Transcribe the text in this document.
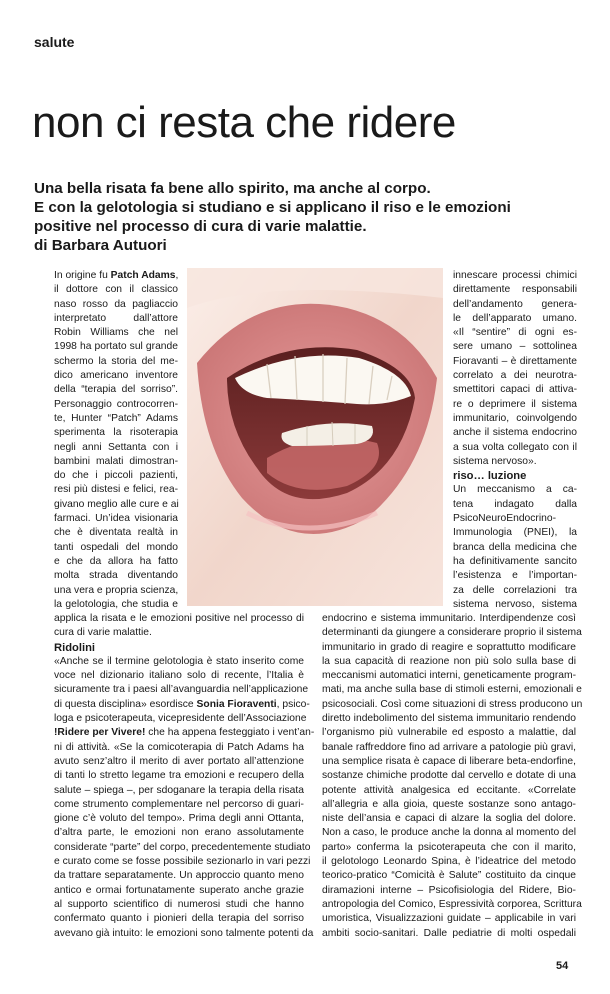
salute
non ci resta che ridere
Una bella risata fa bene allo spirito, ma anche al corpo.
E con la gelotologia si studiano e si applicano il riso e le emozioni
positive nel processo di cura di varie malattie.
di Barbara Autuori
In origine fu Patch Adams,
il dottore con il classico
naso rosso da pagliaccio
interpretato dall’attore
Robin Williams che nel
1998 ha portato sul grande
schermo la storia del me-
dico americano inventore
della “terapia del sorriso”.
Personaggio controcorren-
te, Hunter “Patch” Adams
sperimenta la risoterapia
negli anni Settanta con i
bambini malati dimostran-
do che i piccoli pazienti,
resi più distesi e felici, rea-
givano meglio alle cure e ai
farmaci. Un’idea visionaria
che è diventata realtà in
tanti ospedali del mondo
e che da allora ha fatto
molta strada diventando
una vera e propria scienza,
la gelotologia, che studia e
applica la risata e le emozioni positive nel processo di
cura di varie malattie.
Ridolini
«Anche se il termine gelotologia è stato inserito come
voce nel dizionario italiano solo di recente, l’Italia è
sicuramente tra i paesi all’avanguardia nell’applicazione
di questa disciplina» esordisce Sonia Fioraventi, psico-
loga e psicoterapeuta, vicepresidente dell’Associazione
!Ridere per Vivere! che ha appena festeggiato i vent’an-
ni di attività. «Se la comicoterapia di Patch Adams ha
avuto senz’altro il merito di aver portato all’attenzione
di tanti lo stretto legame tra emozioni e recupero della
salute – spiega –, per sdoganare la terapia della risata
come strumento complementare nel percorso di guari-
gione c’è voluto del tempo». Prima degli anni Ottanta,
d’altra parte, le emozioni non erano assolutamente
considerate “parte” del corpo, precedentemente studiato
e curato come se fosse possibile sezionarlo in vari pezzi
da trattare separatamente. Un approccio quanto meno
antico e ormai fortunatamente superato anche grazie
al supporto scientifico di numerosi studi che hanno
confermato quanto i pionieri della terapia del sorriso
avevano già intuito: le emozioni sono talmente potenti da
innescare processi chimici
direttamente responsabili
dell’andamento genera-
le dell’apparato umano.
«Il “sentire” di ogni es-
sere umano – sottolinea
Fioravanti – è direttamente
correlato a dei neurotra-
smettitori capaci di attiva-
re o deprimere il sistema
immunitario, coinvolgendo
anche il sistema endocrino
a sua volta collegato con il
sistema nervoso».
riso… luzione
Un meccanismo a ca-
tena indagato dalla
PsicoNeuroEndocrino-
Immunologia (PNEI), la
branca della medicina che
ha definitivamente sancito
l’esistenza e l’importan-
za delle correlazioni tra
sistema nervoso, sistema
endocrino e sistema immunitario. Interdipendenze così
determinanti da giungere a considerare proprio il sistema
immunitario in grado di reagire e soprattutto modificare
la sua capacità di reazione non più solo sulla base di
meccanismi automatici interni, geneticamente program-
mati, ma anche sulla base di stimoli esterni, emozionali e
psicosociali. Così come situazioni di stress producono un
diretto indebolimento del sistema immunitario rendendo
l’organismo più vulnerabile ed esposto a malattie, dal
banale raffreddore fino ad arrivare a patologie più gravi,
una semplice risata è capace di liberare beta-endorfine,
sostanze chimiche prodotte dal cervello e dotate di una
potente attività analgesica ed eccitante. «Correlate
all’allegria e alla gioia, queste sostanze sono antago-
niste dell’ansia e capaci di alzare la soglia del dolore.
Non a caso, le produce anche la donna al momento del
parto» conferma la psicoterapeuta che con il marito,
il gelotologo Leonardo Spina, è l’ideatrice del metodo
teorico-pratico “Comicità è Salute” costituito da cinque
diramazioni interne – Psicofisiologia del Ridere, Bio-
antropologia del Comico, Espressività corporea, Scrittura
umoristica, Visualizzazioni guidate – applicabile in vari
ambiti socio-sanitari. Dalle pediatrie di molti ospedali
54
